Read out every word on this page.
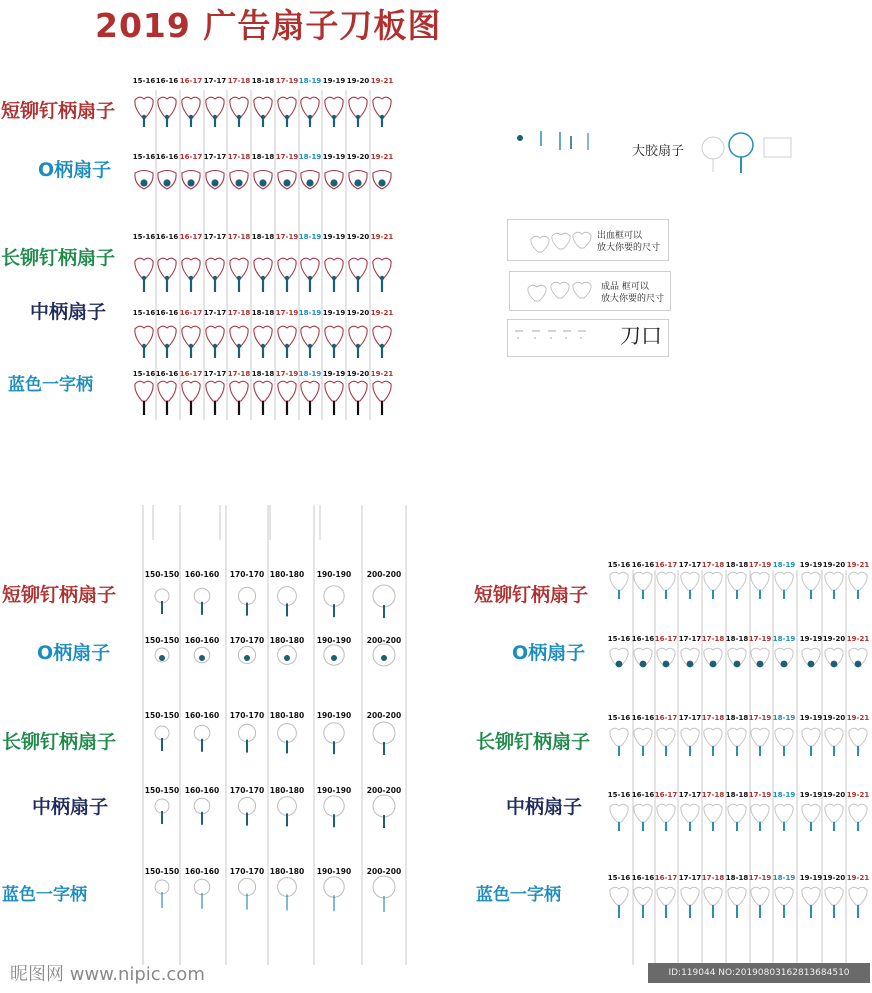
2019 广告扇子刀板图
大胶扇子
出血框可以
放大你要的尺寸
成品 框可以
放大你要的尺寸
刀口
昵图网 www.nipic.com	ID:119044 NO:20190803162813684510
短铆钉柄扇子
15-16 16-16 16-17 17-17 17-18 18-18 17-19 18-19 19-19 19-20 19-21
O柄扇子
15-16 16-16 16-17 17-17 17-18 18-18 17-19 18-19 19-19 19-20 19-21
长铆钉柄扇子
15-16 16-16 16-17 17-17 17-18 18-18 17-19 18-19 19-19 19-20 19-21
中柄扇子	15-16 16-16 16-17 17-17 17-18 18-18 17-19 18-19 19-19 19-20 19-21
蓝色一字柄
15-16 16-16 16-17 17-17 17-18 18-18 17-19 18-19 19-19 19-20 19-21
短铆钉柄扇子
150-150 160-160 170-170 180-180 190-190 200-200
O柄扇子
150-150 160-160 170-170 180-180 190-190 200-200
长铆钉柄扇子
150-150 160-160 170-170 180-180 190-190 200-200
中柄扇子
150-150 160-160 170-170 180-180 190-190 200-200
蓝色一字柄
150-150 160-160 170-170 180-180 190-190 200-200
短铆钉柄扇子
15-16 16-16 16-17 17-17 17-18 18-18 17-19 18-19 19-19 19-20 19-21
O柄扇子
15-16 16-16 16-17 17-17 17-18 18-18 17-19 18-19 19-19 19-20 19-21
长铆钉柄扇子
15-16 16-16 16-17 17-17 17-18 18-18 17-19 18-19 19-19 19-20 19-21
中柄扇子
15-16 16-16 16-17 17-17 17-18 18-18 17-19 18-19 19-19 19-20 19-21
蓝色一字柄
15-16 16-16 16-17 17-17 17-18 18-18 17-19 18-19 19-19 19-20 19-21
